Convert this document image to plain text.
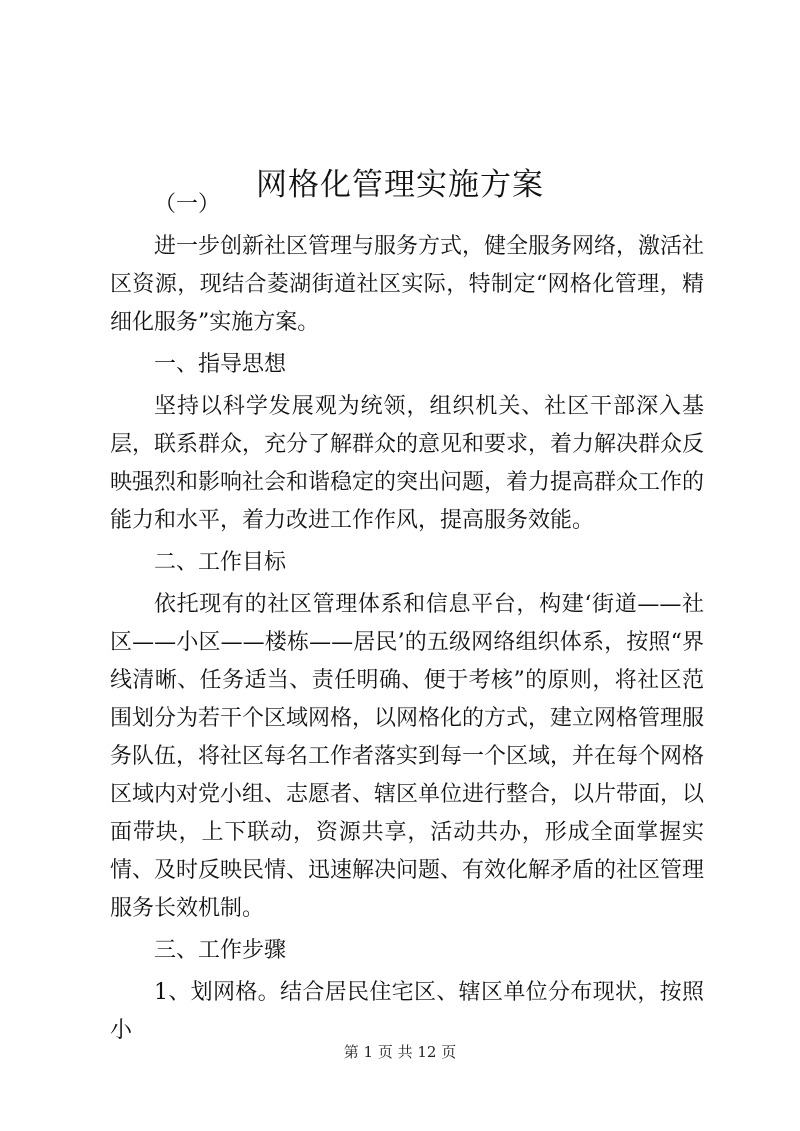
网格化管理实施方案

（一）

进一步创新社区管理与服务方式，健全服务网络，激活社区资源，现结合菱湖街道社区实际，特制定“网格化管理，精细化服务”实施方案。

一、指导思想

坚持以科学发展观为统领，组织机关、社区干部深入基层，联系群众，充分了解群众的意见和要求，着力解决群众反映强烈和影响社会和谐稳定的突出问题，着力提高群众工作的能力和水平，着力改进工作作风，提高服务效能。

二、工作目标

依托现有的社区管理体系和信息平台，构建‘街道——社区——小区——楼栋——居民’的五级网络组织体系，按照“界线清晰、任务适当、责任明确、便于考核”的原则，将社区范围划分为若干个区域网格，以网格化的方式，建立网格管理服务队伍，将社区每名工作者落实到每一个区域，并在每个网格区域内对党小组、志愿者、辖区单位进行整合，以片带面，以面带块，上下联动，资源共享，活动共办，形成全面掌握实情、及时反映民情、迅速解决问题、有效化解矛盾的社区管理服务长效机制。

三、工作步骤

1、划网格。结合居民住宅区、辖区单位分布现状，按照小

第 1 页 共 12 页
